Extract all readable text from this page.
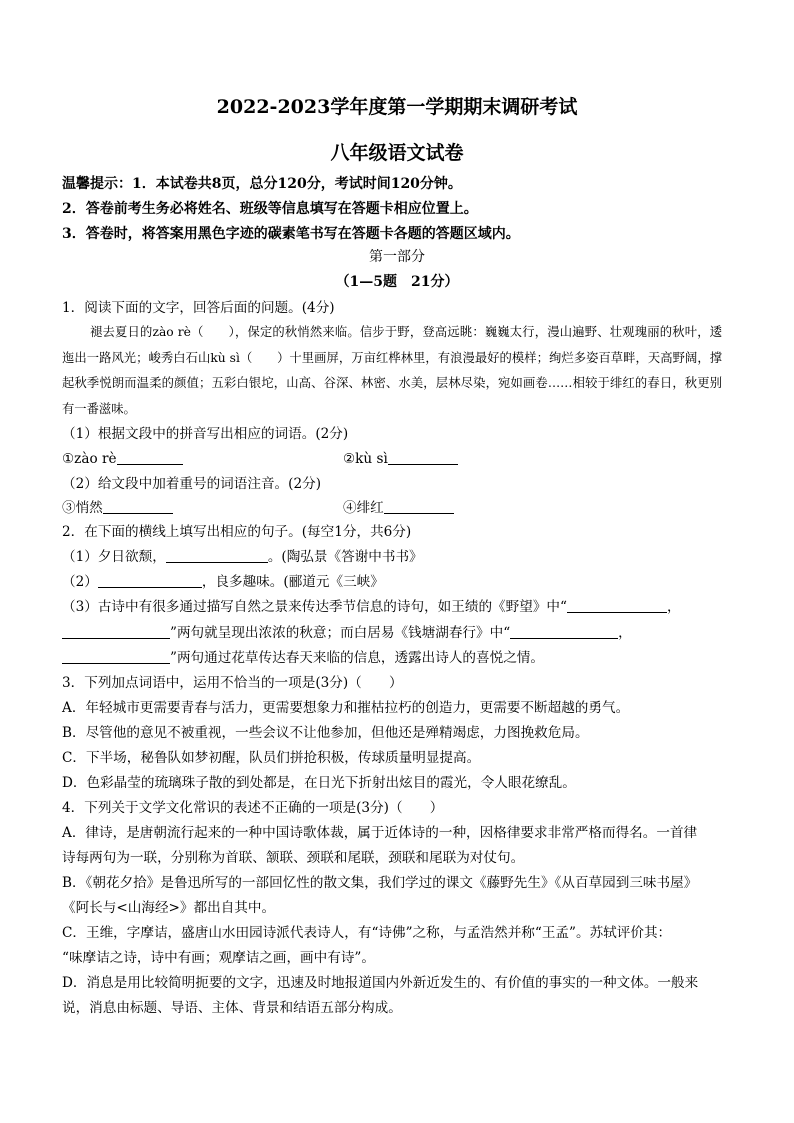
2022-2023学年度第一学期期末调研考试
八年级语文试卷
温馨提示：1．本试卷共8页，总分120分，考试时间120分钟。
2．答卷前考生务必将姓名、班级等信息填写在答题卡相应位置上。
3．答卷时，将答案用黑色字迹的碳素笔书写在答题卡各题的答题区域内。
第一部分
（1—5题　21分）
1．阅读下面的文字，回答后面的问题。(4分)
褪去夏日的zào rè（　　），保定的秋悄然来临。信步于野，登高远眺：巍巍太行，漫山遍野、壮观瑰丽的秋叶，逶迤出一路风光；峻秀白石山kù sì（　　）十里画屏，万亩红桦林里，有浪漫最好的模样；绚烂多姿百草畔，天高野阔，撑起秋季悦朗而温柔的颜值；五彩白银坨，山高、谷深、林密、水美，层林尽染，宛如画卷……相较于绯红的春日，秋更别有一番滋味。
（1）根据文段中的拼音写出相应的词语。(2分)
①zào rè	②kù sì
（2）给文段中加着重号的词语注音。(2分)
③悄然	④绯红
2．在下面的横线上填写出相应的句子。(每空1分，共6分)
（1）夕日欲颓，	。(陶弘景《答谢中书书》
（2）	，良多趣味。(郦道元《三峡》
（3）古诗中有很多通过描写自然之景来传达季节信息的诗句，如王绩的《野望》中“	，
”两句就呈现出浓浓的秋意；而白居易《钱塘湖春行》中“	，
”两句通过花草传达春天来临的信息，透露出诗人的喜悦之情。
3．下列加点词语中，运用不恰当的一项是(3分)（　　）
A．年轻城市更需要青春与活力，更需要想象力和摧枯拉朽的创造力，更需要不断超越的勇气。
B．尽管他的意见不被重视，一些会议不让他参加，但他还是殚精竭虑，力图挽救危局。
C．下半场，秘鲁队如梦初醒，队员们拼抢积极，传球质量明显提高。
D．色彩晶莹的琉璃珠子散的到处都是，在日光下折射出炫目的霞光，令人眼花缭乱。
4．下列关于文学文化常识的表述不正确的一项是(3分)（　　）
A．律诗，是唐朝流行起来的一种中国诗歌体裁，属于近体诗的一种，因格律要求非常严格而得名。一首律
诗每两句为一联，分别称为首联、颔联、颈联和尾联，颈联和尾联为对仗句。
B．《朝花夕拾》是鲁迅所写的一部回忆性的散文集，我们学过的课文《藤野先生》《从百草园到三味书屋》
《阿长与<山海经>》都出自其中。
C．王维，字摩诘，盛唐山水田园诗派代表诗人，有“诗佛”之称，与孟浩然并称“王孟”。苏轼评价其：
“味摩诘之诗，诗中有画；观摩诘之画，画中有诗”。
D．消息是用比较简明扼要的文字，迅速及时地报道国内外新近发生的、有价值的事实的一种文体。一般来
说，消息由标题、导语、主体、背景和结语五部分构成。
